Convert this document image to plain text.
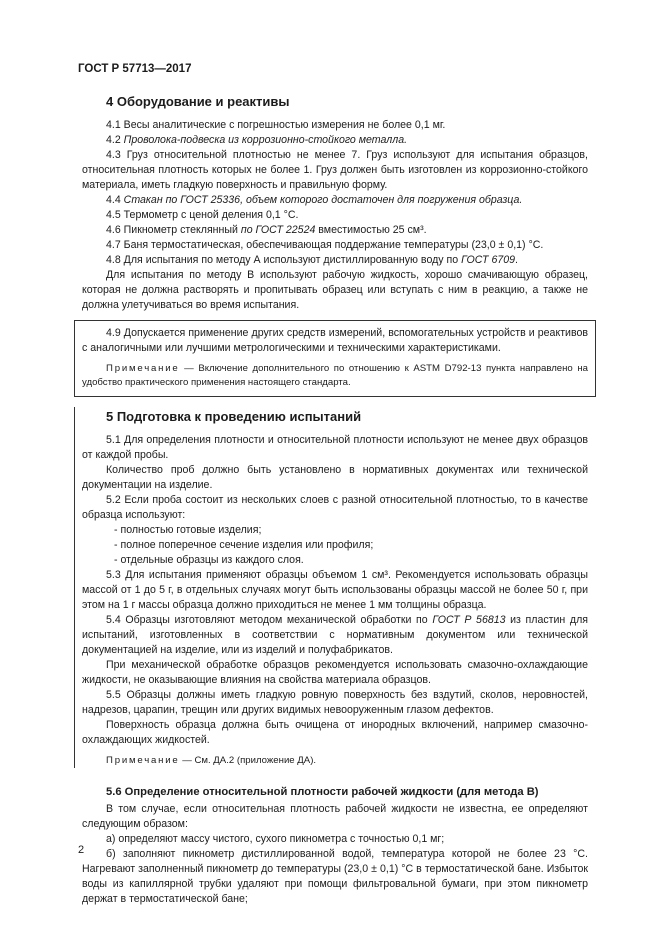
ГОСТ Р 57713—2017
4 Оборудование и реактивы

4.1 Весы аналитические с погрешностью измерения не более 0,1 мг.

4.2 Проволока-подвеска из коррозионно-стойкого металла.

4.3 Груз относительной плотностью не менее 7. Груз используют для испытания образцов, относительная плотность которых не более 1. Груз должен быть изготовлен из коррозионно-стойкого материала, иметь гладкую поверхность и правильную форму.

4.4 Стакан по ГОСТ 25336, объем которого достаточен для погружения образца.

4.5 Термометр с ценой деления 0,1 °С.

4.6 Пикнометр стеклянный по ГОСТ 22524 вместимостью 25 см³.

4.7 Баня термостатическая, обеспечивающая поддержание температуры (23,0 ± 0,1) °С.

4.8 Для испытания по методу А используют дистиллированную воду по ГОСТ 6709.

Для испытания по методу В используют рабочую жидкость, хорошо смачивающую образец, которая не должна растворять и пропитывать образец или вступать с ним в реакцию, а также не должна улетучиваться во время испытания.

4.9 Допускается применение других средств измерений, вспомогательных устройств и реактивов с аналогичными или лучшими метрологическими и техническими характеристиками.

Примечание — Включение дополнительного по отношению к ASTM D792-13 пункта направлено на удобство практического применения настоящего стандарта.

5 Подготовка к проведению испытаний

5.1 Для определения плотности и относительной плотности используют не менее двух образцов от каждой пробы.

Количество проб должно быть установлено в нормативных документах или технической документации на изделие.

5.2 Если проба состоит из нескольких слоев с разной относительной плотностью, то в качестве образца используют:

- полностью готовые изделия;

- полное поперечное сечение изделия или профиля;

- отдельные образцы из каждого слоя.

5.3 Для испытания применяют образцы объемом 1 см³. Рекомендуется использовать образцы массой от 1 до 5 г, в отдельных случаях могут быть использованы образцы массой не более 50 г, при этом на 1 г массы образца должно приходиться не менее 1 мм толщины образца.

5.4 Образцы изготовляют методом механической обработки по ГОСТ Р 56813 из пластин для испытаний, изготовленных в соответствии с нормативным документом или технической документацией на изделие, или из изделий и полуфабрикатов.

При механической обработке образцов рекомендуется использовать смазочно-охлаждающие жидкости, не оказывающие влияния на свойства материала образцов.

5.5 Образцы должны иметь гладкую ровную поверхность без вздутий, сколов, неровностей, надрезов, царапин, трещин или других видимых невооруженным глазом дефектов.

Поверхность образца должна быть очищена от инородных включений, например смазочно-охлаждающих жидкостей.

Примечание — См. ДА.2 (приложение ДА).

5.6 Определение относительной плотности рабочей жидкости (для метода В)

В том случае, если относительная плотность рабочей жидкости не известна, ее определяют следующим образом:

а) определяют массу чистого, сухого пикнометра с точностью 0,1 мг;

б) заполняют пикнометр дистиллированной водой, температура которой не более 23 °С. Нагревают заполненный пикнометр до температуры (23,0 ± 0,1) °С в термостатической бане. Избыток воды из капиллярной трубки удаляют при помощи фильтровальной бумаги, при этом пикнометр держат в термостатической бане;

2
